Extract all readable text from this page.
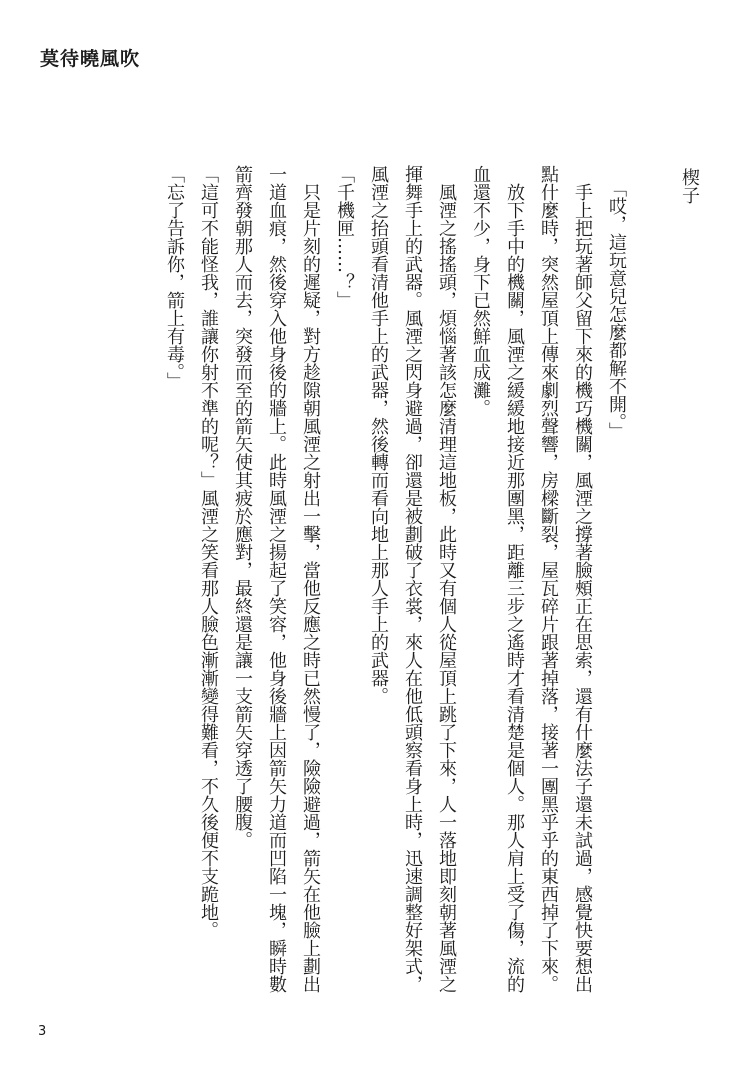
莫待曉風吹
楔子

「哎，這玩意兒怎麼都解不開。」

手上把玩著師父留下來的機巧機關，風湮之撐著臉頰正在思索，還有什麼法子還未試過，感覺快要想出點什麼時，突然屋頂上傳來劇烈聲響，房樑斷裂，屋瓦碎片跟著掉落，接著一團黑乎乎的東西掉了下來。

放下手中的機關，風湮之緩緩地接近那團黑，距離三步之遙時才看清楚是個人。那人肩上受了傷，流的血還不少，身下已然鮮血成灘。

風湮之搖搖頭，煩惱著該怎麼清理這地板，此時又有個人從屋頂上跳了下來，人一落地即刻朝著風湮之揮舞手上的武器。風湮之閃身避過，卻還是被劃破了衣裳，來人在他低頭察看身上時，迅速調整好架式，風湮之抬頭看清他手上的武器，然後轉而看向地上那人手上的武器。

「千機匣……？」

只是片刻的遲疑，對方趁隙朝風湮之射出一擊，當他反應之時已然慢了，險險避過，箭矢在他臉上劃出一道血痕，然後穿入他身後的牆上。此時風湮之揚起了笑容，他身後牆上因箭矢力道而凹陷一塊，瞬時數箭齊發朝那人而去，突發而至的箭矢使其疲於應對，最終還是讓一支箭矢穿透了腰腹。

「這可不能怪我，誰讓你射不準的呢？」風湮之笑看那人臉色漸漸變得難看，不久後便不支跪地。

「忘了告訴你，箭上有毒。」

3
